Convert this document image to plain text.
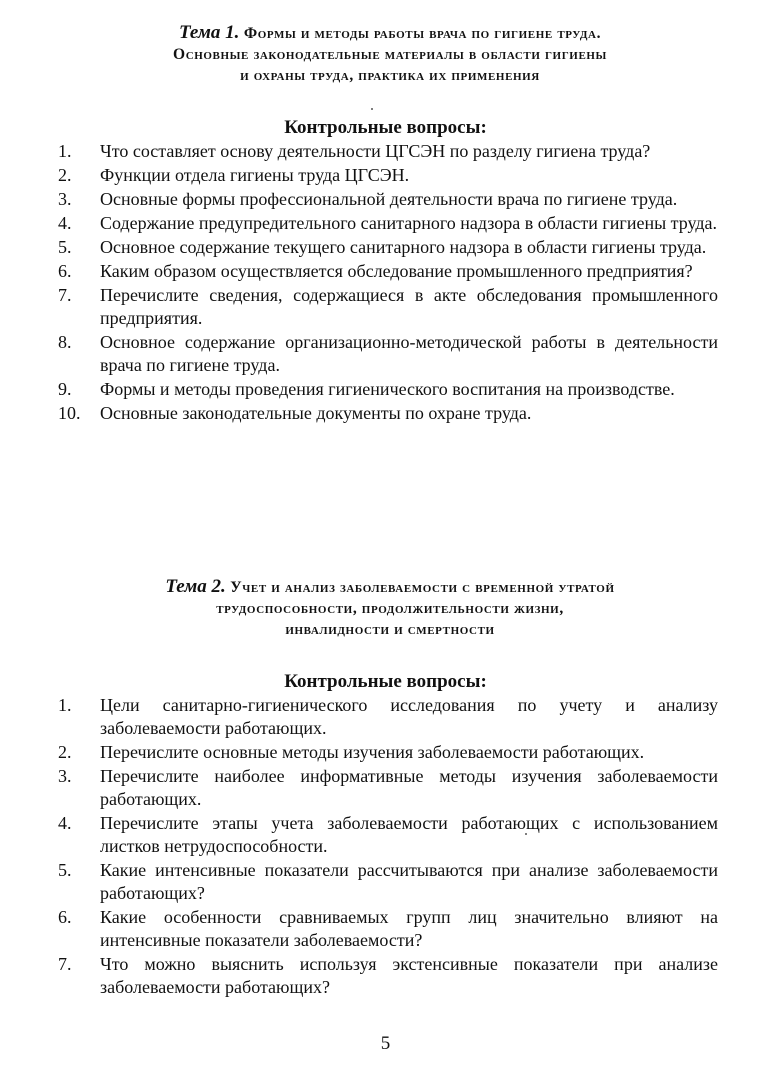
Тема 1. Формы и методы работы врача по гигиене труда.
Основные законодательные материалы в области гигиены
и охраны труда, практика их применения
Контрольные вопросы:
1.	Что составляет основу деятельности ЦГСЭН по разделу гигиена труда?
2.	Функции отдела гигиены труда ЦГСЭН.
3.	Основные формы профессиональной деятельности врача по гигиене труда.
4.	Содержание предупредительного санитарного надзора в области гигиены труда.
5.	Основное содержание текущего санитарного надзора в области гигиены труда.
6.	Каким образом осуществляется обследование промышленного предприятия?
7.	Перечислите сведения, содержащиеся в акте обследования промышленного предприятия.
8.	Основное содержание организационно-методической работы в деятельности врача по гигиене труда.
9.	Формы и методы проведения гигиенического воспитания на производстве.
10.	Основные законодательные документы по охране труда.
Тема 2. Учет и анализ заболеваемости с временной утратой
трудоспособности, продолжительности жизни,
инвалидности и смертности
Контрольные вопросы:
1.	Цели санитарно-гигиенического исследования по учету и анализу заболеваемости работающих.
2.	Перечислите основные методы изучения заболеваемости работающих.
3.	Перечислите наиболее информативные методы изучения заболеваемости работающих.
4.	Перечислите этапы учета заболеваемости работающих с использованием листков нетрудоспособности.
5.	Какие интенсивные показатели рассчитываются при анализе заболеваемости работающих?
6.	Какие особенности сравниваемых групп лиц значительно влияют на интенсивные показатели заболеваемости?
7.	Что можно выяснить используя экстенсивные показатели при анализе заболеваемости работающих?
5
